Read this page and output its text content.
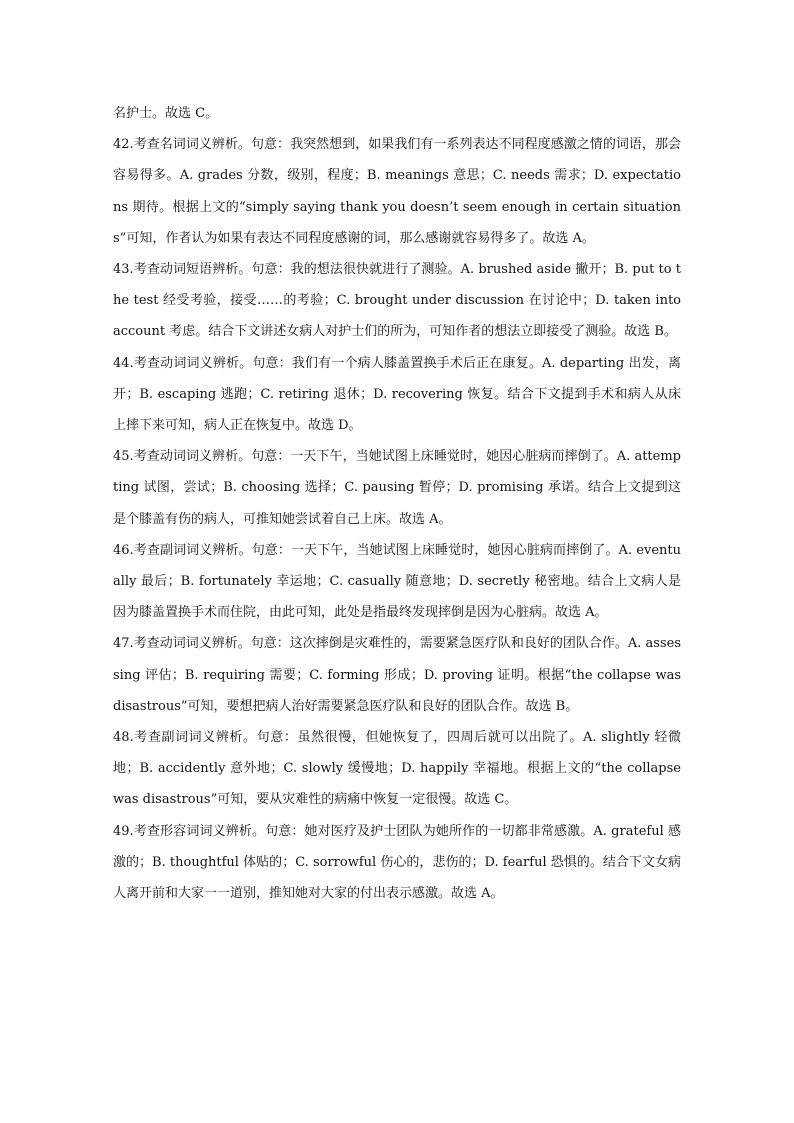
名护士。故选 C。

42.考查名词词义辨析。句意：我突然想到，如果我们有一系列表达不同程度感激之情的词语，那会容易得多。A. grades 分数，级别，程度；B. meanings 意思；C. needs 需求；D. expectations 期待。根据上文的“simply saying thank you doesn’t seem enough in certain situations”可知，作者认为如果有表达不同程度感谢的词，那么感谢就容易得多了。故选 A。

43.考查动词短语辨析。句意：我的想法很快就进行了测验。A. brushed aside 撇开；B. put to the test 经受考验，接受……的考验；C. brought under discussion 在讨论中；D. taken into account 考虑。结合下文讲述女病人对护士们的所为，可知作者的想法立即接受了测验。故选 B。

44.考查动词词义辨析。句意：我们有一个病人膝盖置换手术后正在康复。A. departing 出发，离开；B. escaping 逃跑；C. retiring 退休；D. recovering 恢复。结合下文提到手术和病人从床上摔下来可知，病人正在恢复中。故选 D。

45.考查动词词义辨析。句意：一天下午，当她试图上床睡觉时，她因心脏病而摔倒了。A. attempting 试图，尝试；B. choosing 选择；C. pausing 暂停；D. promising 承诺。结合上文提到这是个膝盖有伤的病人，可推知她尝试着自己上床。故选 A。

46.考查副词词义辨析。句意：一天下午，当她试图上床睡觉时，她因心脏病而摔倒了。A. eventually 最后；B. fortunately 幸运地；C. casually 随意地；D. secretly 秘密地。结合上文病人是因为膝盖置换手术而住院，由此可知，此处是指最终发现摔倒是因为心脏病。故选 A。

47.考查动词词义辨析。句意：这次摔倒是灾难性的，需要紧急医疗队和良好的团队合作。A. assessing 评估；B. requiring 需要；C. forming 形成；D. proving 证明。根据“the collapse was disastrous”可知，要想把病人治好需要紧急医疗队和良好的团队合作。故选 B。

48.考查副词词义辨析。句意：虽然很慢，但她恢复了，四周后就可以出院了。A. slightly 轻微地；B. accidently 意外地；C. slowly 缓慢地；D. happily 幸福地。根据上文的“the collapse was disastrous”可知，要从灾难性的病痛中恢复一定很慢。故选 C。

49.考查形容词词义辨析。句意：她对医疗及护士团队为她所作的一切都非常感激。A. grateful 感激的；B. thoughtful 体贴的；C. sorrowful 伤心的，悲伤的；D. fearful 恐惧的。结合下文女病人离开前和大家一一道别，推知她对大家的付出表示感激。故选 A。
